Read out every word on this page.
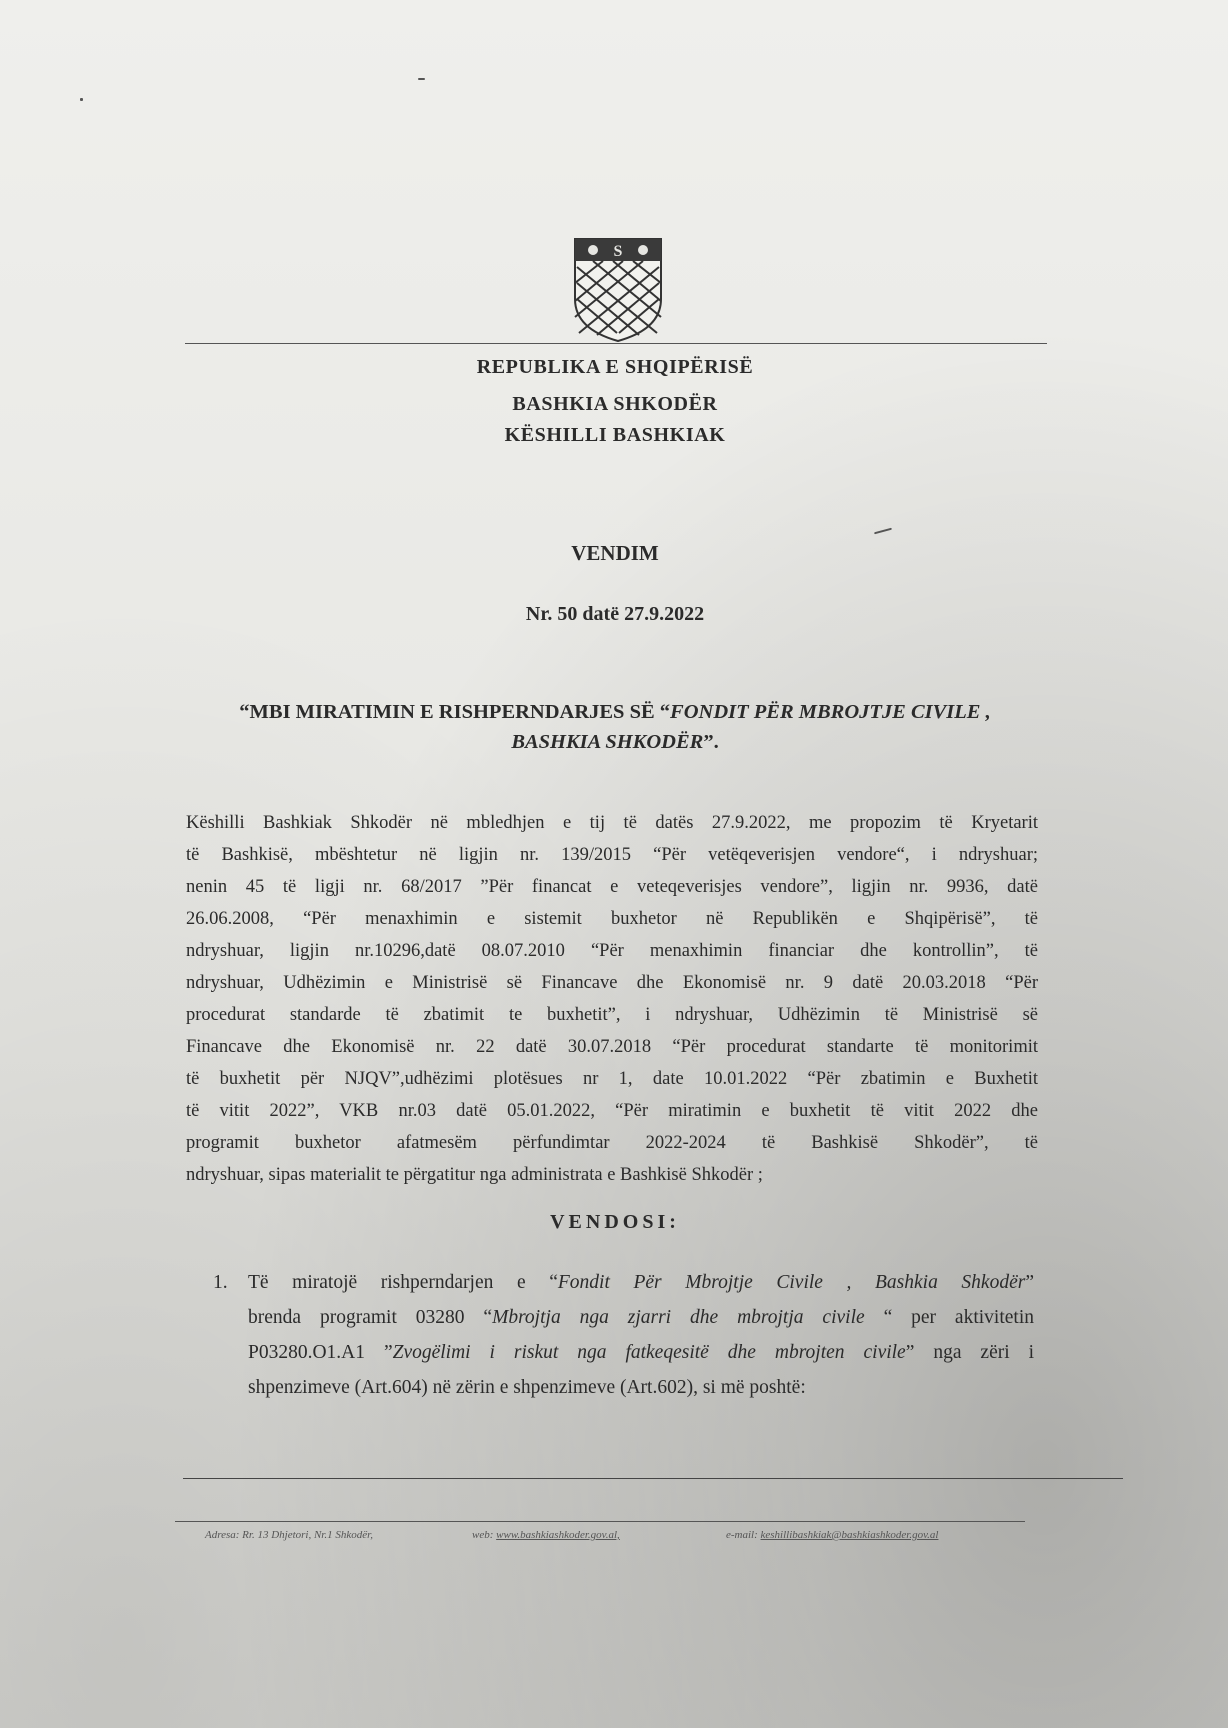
S
REPUBLIKA E SHQIPËRISË
BASHKIA SHKODËR
KËSHILLI BASHKIAK
VENDIM
Nr. 50 datë 27.9.2022
“MBI MIRATIMIN E RISHPERNDARJES SË “FONDIT PËR MBROJTJE CIVILE ,
BASHKIA SHKODËR”.
Këshilli Bashkiak Shkodër në mbledhjen e tij të datës 27.9.2022, me propozim të Kryetarit
të Bashkisë, mbështetur në ligjin nr. 139/2015 “Për vetëqeverisjen vendore“, i ndryshuar;
nenin 45 të ligji nr. 68/2017 ”Për financat e veteqeverisjes vendore”, ligjin nr. 9936, datë
26.06.2008, “Për menaxhimin e sistemit buxhetor në Republikën e Shqipërisë”, të
ndryshuar, ligjin nr.10296,datë 08.07.2010 “Për menaxhimin financiar dhe kontrollin”, të
ndryshuar, Udhëzimin e Ministrisë së Financave dhe Ekonomisë nr. 9 datë 20.03.2018 “Për
procedurat standarde të zbatimit te buxhetit”, i ndryshuar, Udhëzimin të Ministrisë së
Financave dhe Ekonomisë nr. 22 datë 30.07.2018 “Për procedurat standarte të monitorimit
të buxhetit për NJQV”,udhëzimi plotësues nr 1, date 10.01.2022 “Për zbatimin e Buxhetit
të vitit 2022”, VKB nr.03 datë 05.01.2022, “Për miratimin e buxhetit të vitit 2022 dhe
programit buxhetor afatmesëm përfundimtar 2022-2024 të Bashkisë Shkodër”, të
ndryshuar, sipas materialit te përgatitur nga administrata e Bashkisë Shkodër ;
VENDOSI:
1. Të miratojë rishperndarjen e “Fondit Për Mbrojtje Civile , Bashkia Shkodër”
brenda programit 03280 “Mbrojtja nga zjarri dhe mbrojtja civile “ per aktivitetin
P03280.O1.A1 ”Zvogëlimi i riskut nga fatkeqesitë dhe mbrojten civile” nga zëri i
shpenzimeve (Art.604) në zërin e shpenzimeve (Art.602), si më poshtë:
Adresa: Rr. 13 Dhjetori, Nr.1 Shkodër,	web: www.bashkiashkoder.gov.al,	e-mail: keshillibashkiak@bashkiashkoder.gov.al
